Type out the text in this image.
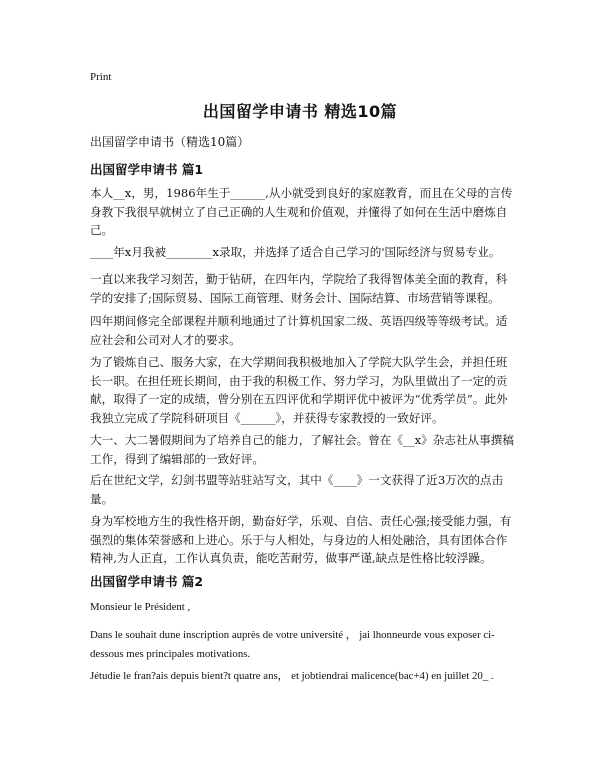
Print
出国留学申请书 精选10篇
出国留学申请书（精选10篇）
出国留学申请书 篇1
本人__x，男，1986年生于______,从小就受到良好的家庭教育，而且在父母的言传身教下我很早就树立了自己正确的人生观和价值观，并懂得了如何在生活中磨炼自己。
____年x月我被________x录取，并选择了适合自己学习的'国际经济与贸易专业。
一直以来我学习刻苦，勤于钻研，在四年内，学院给了我得智体美全面的教育，科学的安排了;国际贸易、国际工商管理、财务会计、国际结算、市场营销等课程。
四年期间修完全部课程并顺利地通过了计算机国家二级、英语四级等等级考试。适应社会和公司对人才的要求。
为了锻炼自己、服务大家，在大学期间我积极地加入了学院大队学生会，并担任班长一职。在担任班长期间，由于我的积极工作、努力学习，为队里做出了一定的贡献，取得了一定的成绩，曾分别在五四评优和学期评优中被评为“优秀学员”。此外我独立完成了学院科研项目《______》，并获得专家教授的一致好评。
大一、大二暑假期间为了培养自己的能力，了解社会。曾在《__x》杂志社从事撰稿工作，得到了编辑部的一致好评。
后在世纪文学，幻剑书盟等站驻站写文，其中《____》一文获得了近3万次的点击量。
身为军校地方生的我性格开朗，勤奋好学，乐观、自信、责任心强;接受能力强，有强烈的集体荣誉感和上进心。乐于与人相处，与身边的人相处融洽，具有团体合作精神,为人正直，工作认真负责，能吃苦耐劳，做事严谨,缺点是性格比较浮躁。
出国留学申请书 篇2
Monsieur le Président ,
Dans le souhait dune inscription auprès de votre université ， jai lhonneurde vous exposer ci-dessous mes principales motivations.
Jétudie le fran?ais depuis bient?t quatre ans， et jobtiendrai malicence(bac+4) en juillet 20_ .
